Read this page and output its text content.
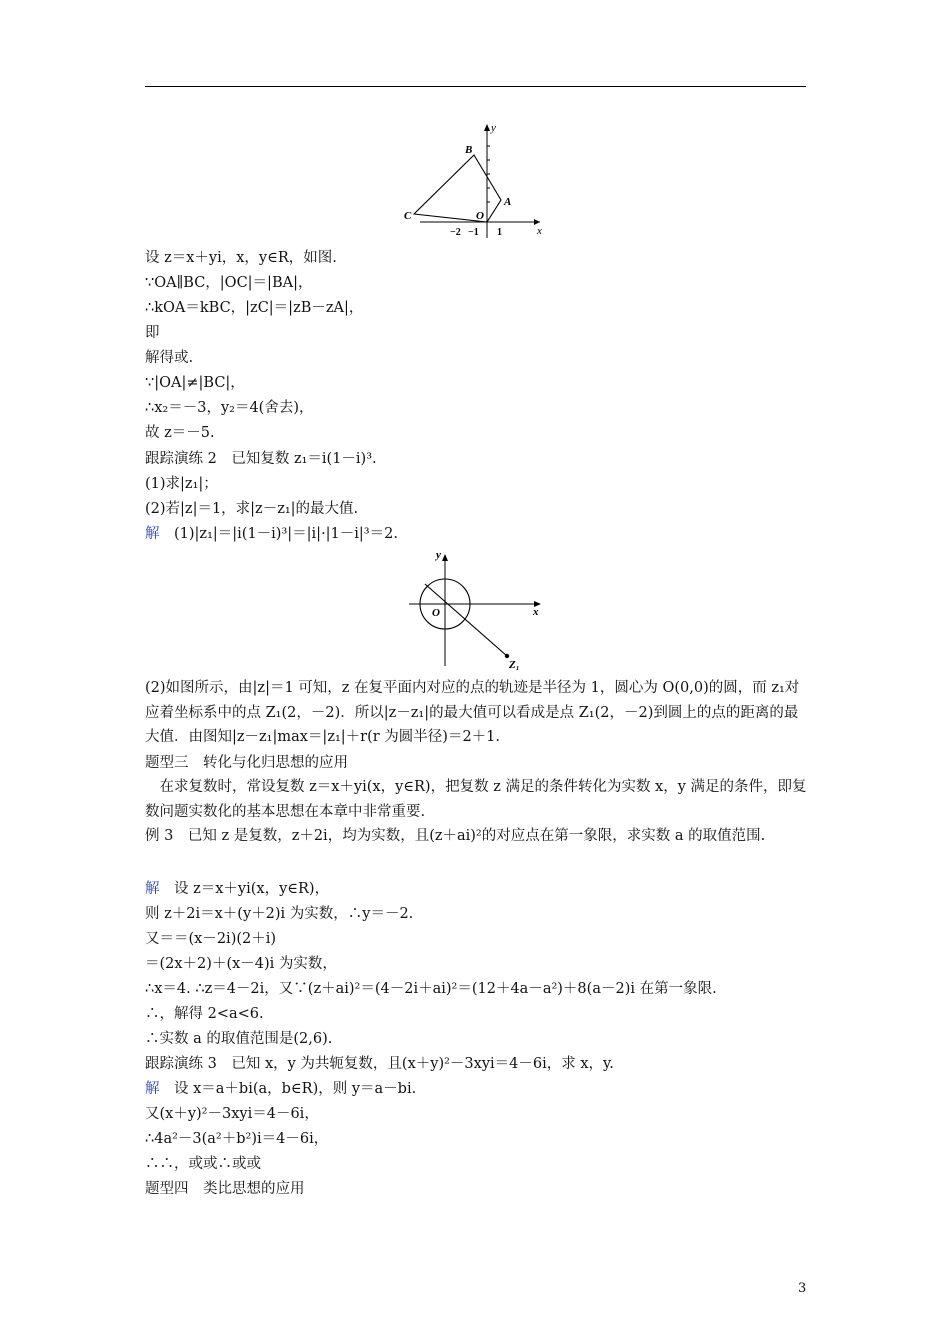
y
x
B
C	O
A
−2 −1 1
设 z＝x＋yi，x，y∈R，如图.
∵OA∥BC，|OC|＝|BA|，
∴kOA＝kBC，|zC|＝|zB－zA|，
即
解得或.
∵|OA|≠|BC|，
∴x₂＝－3，y₂＝4(舍去)，
故 z＝－5.
跟踪演练 2　已知复数 z₁＝i(1－i)³.
(1)求|z₁|；
(2)若|z|＝1，求|z－z₁|的最大值.
解　 (1)|z₁|＝|i(1－i)³|＝|i|·|1－i|³＝2.
y
x
O
Z₁
(2)如图所示，由|z|＝1 可知，z 在复平面内对应的点的轨迹是半径为 1，圆心为 O(0,0)的圆，而 z₁对应着坐标系中的点 Z₁(2，－2)．所以|z－z₁|的最大值可以看成是点 Z₁(2，－2)到圆上的点的距离的最大值．由图知|z－z₁|max＝|z₁|＋r(r 为圆半径)＝2＋1.
题型三　转化与化归思想的应用
在求复数时，常设复数 z＝x＋yi(x，y∈R)，把复数 z 满足的条件转化为实数 x，y 满足的条件，即复数问题实数化的基本思想在本章中非常重要.
例 3　已知 z 是复数，z＋2i，均为实数，且(z＋ai)²的对应点在第一象限，求实数 a 的取值范围.
解　 设 z＝x＋yi(x，y∈R)，
则 z＋2i＝x＋(y＋2)i 为实数，∴y＝－2.
又＝＝(x－2i)(2＋i)
＝(2x＋2)＋(x－4)i 为实数，
∴x＝4. ∴z＝4－2i，又∵(z＋ai)²＝(4－2i＋ai)²＝(12＋4a－a²)＋8(a－2)i 在第一象限.
∴，解得 2<a<6.
∴实数 a 的取值范围是(2,6).
跟踪演练 3　已知 x，y 为共轭复数，且(x＋y)²－3xyi＝4－6i，求 x，y.
解　 设 x＝a＋bi(a，b∈R)，则 y＝a－bi.
又(x＋y)²－3xyi＝4－6i，
∴4a²－3(a²＋b²)i＝4－6i，
∴∴，或或∴或或
题型四　类比思想的应用
3
